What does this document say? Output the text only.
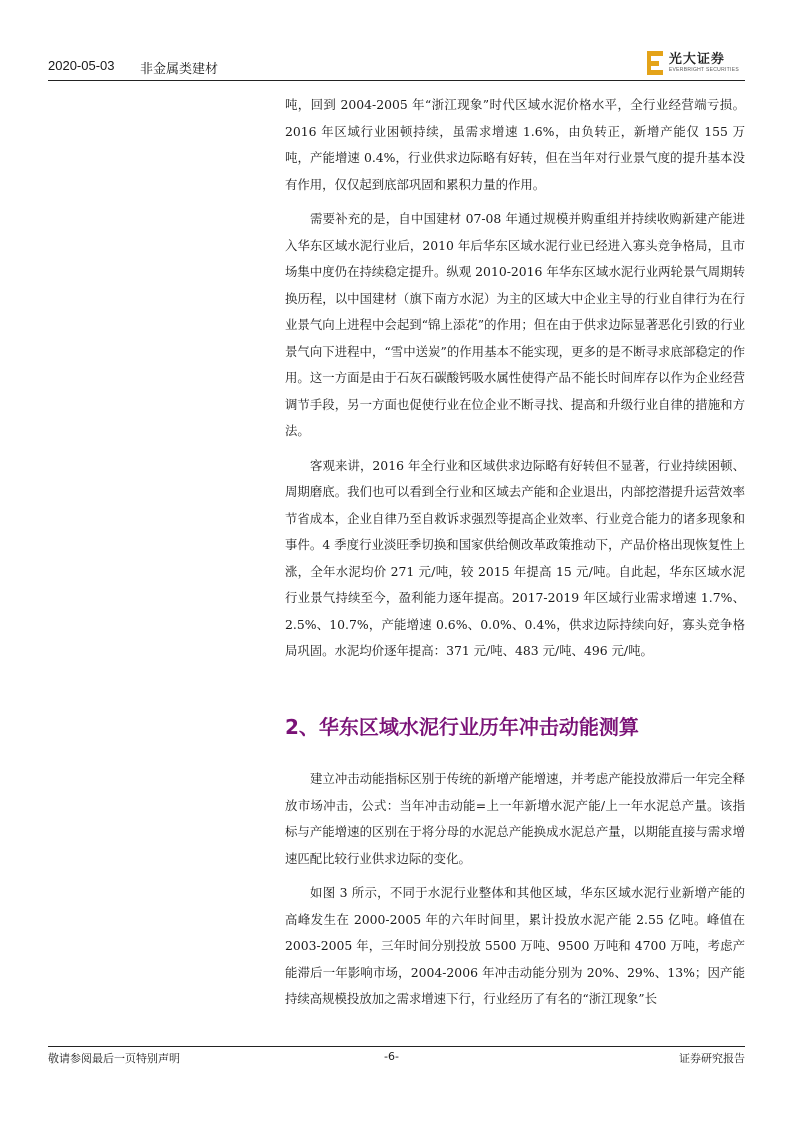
2020-05-03 非金属类建材
光大证券
EVERBRIGHT SECURITIES

吨，回到 2004-2005 年“浙江现象”时代区域水泥价格水平，全行业经营端亏损。2016 年区域行业困顿持续，虽需求增速 1.6%，由负转正，新增产能仅 155 万吨，产能增速 0.4%，行业供求边际略有好转，但在当年对行业景气度的提升基本没有作用，仅仅起到底部巩固和累积力量的作用。

需要补充的是，自中国建材 07-08 年通过规模并购重组并持续收购新建产能进入华东区域水泥行业后，2010 年后华东区域水泥行业已经进入寡头竞争格局，且市场集中度仍在持续稳定提升。纵观 2010-2016 年华东区域水泥行业两轮景气周期转换历程，以中国建材（旗下南方水泥）为主的区域大中企业主导的行业自律行为在行业景气向上进程中会起到“锦上添花”的作用；但在由于供求边际显著恶化引致的行业景气向下进程中，“雪中送炭”的作用基本不能实现，更多的是不断寻求底部稳定的作用。这一方面是由于石灰石碳酸钙吸水属性使得产品不能长时间库存以作为企业经营调节手段，另一方面也促使行业在位企业不断寻找、提高和升级行业自律的措施和方法。

客观来讲，2016 年全行业和区域供求边际略有好转但不显著，行业持续困顿、周期磨底。我们也可以看到全行业和区域去产能和企业退出，内部挖潜提升运营效率节省成本，企业自律乃至自救诉求强烈等提高企业效率、行业竞合能力的诸多现象和事件。4 季度行业淡旺季切换和国家供给侧改革政策推动下，产品价格出现恢复性上涨，全年水泥均价 271 元/吨，较 2015 年提高 15 元/吨。自此起，华东区域水泥行业景气持续至今，盈利能力逐年提高。2017-2019 年区域行业需求增速 1.7%、2.5%、10.7%，产能增速 0.6%、0.0%、0.4%，供求边际持续向好，寡头竞争格局巩固。水泥均价逐年提高：371 元/吨、483 元/吨、496 元/吨。

2、华东区域水泥行业历年冲击动能测算

建立冲击动能指标区别于传统的新增产能增速，并考虑产能投放滞后一年完全释放市场冲击，公式：当年冲击动能=上一年新增水泥产能/上一年水泥总产量。该指标与产能增速的区别在于将分母的水泥总产能换成水泥总产量，以期能直接与需求增速匹配比较行业供求边际的变化。

如图 3 所示，不同于水泥行业整体和其他区域，华东区域水泥行业新增产能的高峰发生在 2000-2005 年的六年时间里，累计投放水泥产能 2.55 亿吨。峰值在2003-2005 年，三年时间分别投放 5500 万吨、9500 万吨和 4700 万吨，考虑产能滞后一年影响市场，2004-2006 年冲击动能分别为 20%、29%、13%；因产能持续高规模投放加之需求增速下行，行业经历了有名的“浙江现象”长

敬请参阅最后一页特别声明	-6-	证券研究报告
